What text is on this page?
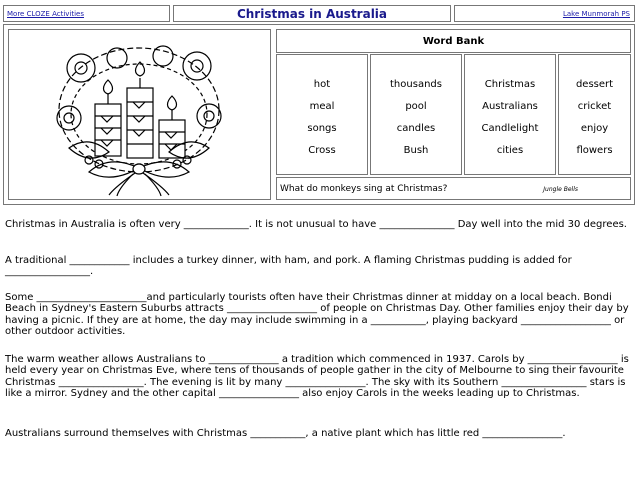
More CLOZE Activities	Christmas in Australia	Lake Munmorah PS
Word Bank
hot
meal
songs
Cross
thousands
pool
candles
Bush
Christmas
Australians
Candlelight
cities
dessert
cricket
enjoy
flowers
What do monkeys sing at Christmas?	Jungle Bells

Christmas in Australia is often very _____________. It is not unusual to have _______________ Day well into the mid 30 degrees.

A traditional ____________ includes a turkey dinner, with ham, and pork. A flaming Christmas pudding is added for _________________.

Some ______________________and particularly tourists often have their Christmas dinner at midday on a local beach. Bondi Beach in Sydney's Eastern Suburbs attracts __________________ of people on Christmas Day. Other families enjoy their day by having a picnic. If they are at home, the day may include swimming in a ___________, playing backyard __________________ or other outdoor activities.

The warm weather allows Australians to ______________ a tradition which commenced in 1937. Carols by __________________ is held every year on Christmas Eve, where tens of thousands of people gather in the city of Melbourne to sing their favourite Christmas _________________. The evening is lit by many ________________. The sky with its Southern _________________ stars is like a mirror. Sydney and the other capital ________________ also enjoy Carols in the weeks leading up to Christmas.

Australians surround themselves with Christmas ___________, a native plant which has little red ________________.
